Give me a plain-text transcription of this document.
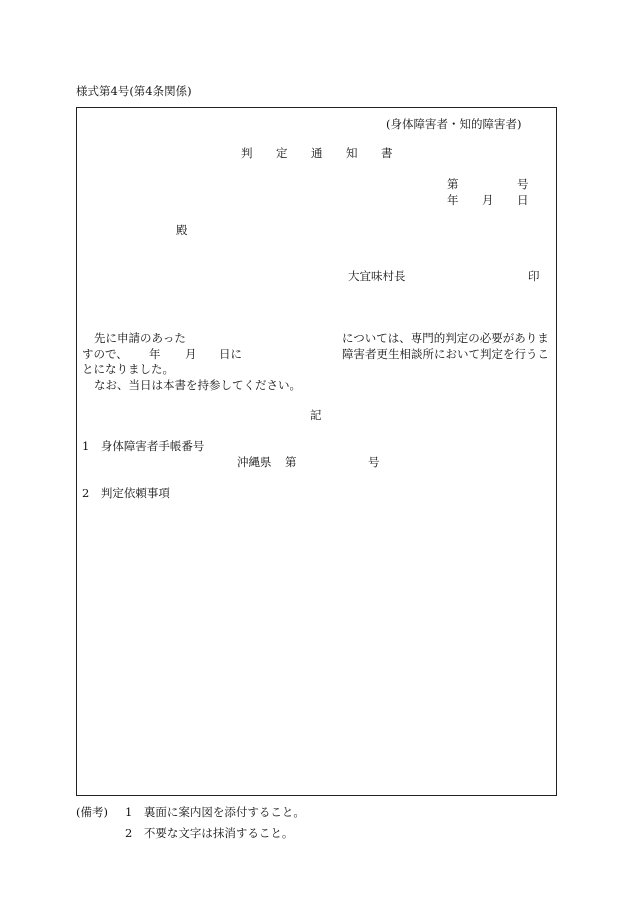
様式第4号(第4条関係)
(身体障害者・知的障害者)
判 定 通 知 書
第	号
年 月 日
殿
大宜味村長	印
先に申請のあった	については、専門的判定の必要がありま
すので、 年 月 日に	障害者更生相談所において判定を行うこ
とになりました。
なお、当日は本書を持参してください。
記
1　身体障害者手帳番号
沖縄県 第	号
2　判定依頼事項
(備考) 1　裏面に案内図を添付すること。
2　不要な文字は抹消すること。
